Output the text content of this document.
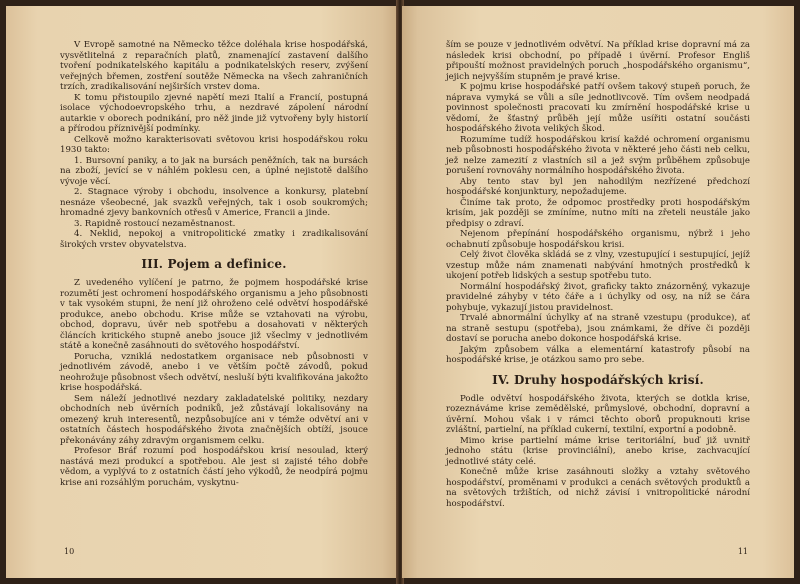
V Evropě samotné na Německo těžce doléhala krise hospodářská, vysvětlitelná z reparačních platů, znamenající zastavení dalšího tvoření podnikatelského kapitálu a podnikatelských reserv, zvýšení veřejných břemen, zostření soutěže Německa na všech zahraničních trzích, zradikalisování nejširších vrstev doma.

K tomu přistoupilo zjevné napětí mezi Italií a Francií, postupná isolace východoevropského trhu, a nezdravé zápolení národní autarkie v oborech podnikání, pro něž jinde již vytvořeny byly historií a přírodou příznivější podmínky.

Celkově možno karakterisovati světovou krisi hospodářskou roku 1930 takto:

1. Bursovní paniky, a to jak na bursách peněžních, tak na bursách na zboží, jevící se v náhlém poklesu cen, a úplné nejistotě dalšího vývoje věcí.

2. Stagnace výroby i obchodu, insolvence a konkursy, platební nesnáze všeobecné, jak svazků veřejných, tak i osob soukromých; hromadné zjevy bankovních otřesů v Americe, Francii a jinde.

3. Rapidně rostoucí nezaměstnanost.

4. Neklid, nepokoj a vnitropolitické zmatky i zradikalisování širokých vrstev obyvatelstva.

III. Pojem a definice.

Z uvedeného vylíčení je patrno, že pojmem hospodářské krise rozumětí jest ochromení hospodářského organismu a jeho působnosti v tak vysokém stupni, že není již ohroženo celé odvětví hospodářské produkce, anebo obchodu. Krise může se vztahovati na výrobu, obchod, dopravu, úvěr neb spotřebu a dosahovati v některých článcích kritického stupně anebo jsouce již všeclmy v jednotlivém státě a konečně zasáhnouti do světového hospodářství.

Porucha, vzniklá nedostatkem organisace neb působnosti v jednotlivém závodě, anebo i ve větším počtě závodů, pokud neohrožuje působnost všech odvětví, nesluší býti kvalifikována jakožto krise hospodářská.

Sem náleží jednotlivé nezdary zakladatelské politiky, nezdary obchodních neb úvěrních podniků, jež zůstávají lokalisovány na omezený kruh interesentů, nezpůsobujíce ani v témže odvětví ani v ostatních částech hospodářského života značnějších obtíží, jsouce překonávány záhy zdravým organismem celku.

Profesor Bráf rozumí pod hospodářskou krisí nesoulad, který nastává mezi produkcí a spotřebou. Ale jest si zajisté tého dobře vědom, a vyplývá to z ostatních částí jeho výkodů, že neodpírá pojmu krise ani rozsáhlým poruchám, vyskytnu-

10

ším se pouze v jednotlivém odvětví. Na příklad krise dopravní má za následek krisi obchodní, po případě i úvěrní. Profesor Engliš připouští možnost pravidelných poruch „hospodářského organismu“, jejich nejvyšším stupněm je pravé krise.

K pojmu krise hospodářské patří ovšem takový stupeň poruch, že náprava vymyká se vůli a síle jednotlivcově. Tím ovšem neodpadá povinnost společnosti pracovati ku zmírnění hospodářské krise u vědomí, že šťastný průběh její může usířiti ostatní součásti hospodářského života velikých škod.

Rozumíme tudíž hospodářskou krisí každé ochromení organismu neb působnosti hospodářského života v některé jeho části neb celku, jež nelze zamezití z vlastních sil a jež svým průběhem způsobuje porušení rovnováhy normálního hospodářského života.

Aby tento stav byl jen nahodilým nezřízené předchozí hospodářské konjunktury, nepožadujeme.

Činíme tak proto, že odpomoc prostředky proti hospodářským krisím, jak později se zmíníme, nutno míti na zřeteli neustále jako předpisy o zdraví.

Nejenom přepínání hospodářského organismu, nýbrž i jeho ochabnutí způsobuje hospodářskou krisi.

Celý život člověka skládá se z vlny, vzestupující i sestupující, jejíž vzestup může nám znamenati nabývání hmotných prostředků k ukojení potřeb lidských a sestup spotřebu tuto.

Normální hospodářský život, graficky takto znázorněný, vykazuje pravidelné záhyby v této čáře a i úchylky od osy, na níž se čára pohybuje, vykazují jistou pravidelnost.

Trvalé abnormální úchylky ať na straně vzestupu (produkce), ať na straně sestupu (spotřeba), jsou známkami, že dříve či později dostaví se porucha anebo dokonce hospodářská krise.

Jakým způsobem válka a elementární katastrofy působí na hospodářské krise, je otázkou samo pro sebe.

IV. Druhy hospodářských krisí.

Podle odvětví hospodářského života, kterých se dotkla krise, rozeznáváme krise zemědělské, průmyslové, obchodní, dopravní a úvěrní. Mohou však i v rámci těchto oborů propuknouti krise zvláštní, partielní, na příklad cukerní, textilní, exportní a podobně.

Mimo krise partielní máme krise teritoriální, buď již uvnitř jednoho státu (krise provinciální), anebo krise, zachvacující jednotlivé státy celé.

Konečně může krise zasáhnouti složky a vztahy světového hospodářství, proměnami v produkci a cenách světových produktů a na světových tržištích, od nichž závisí i vnitropolitické národní hospodářství.

11
